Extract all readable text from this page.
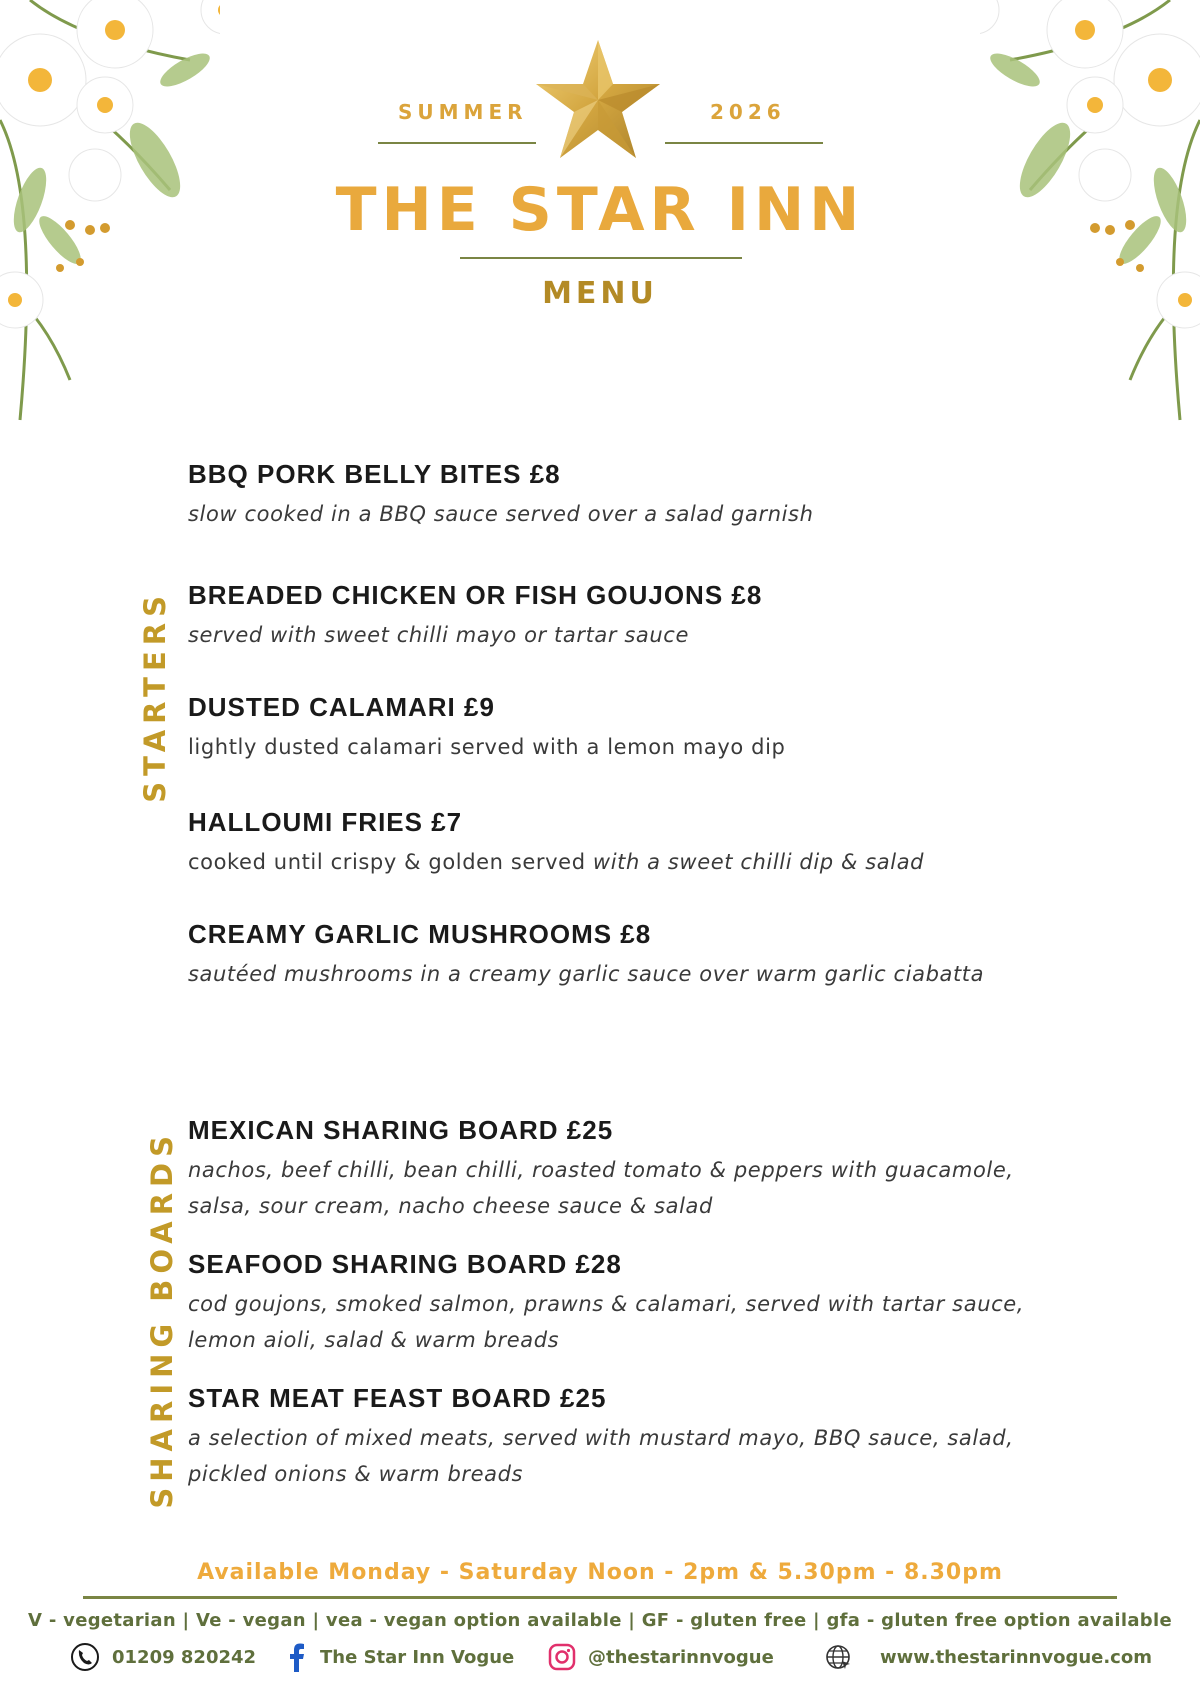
SUMMER	2026
THE STAR INN
MENU
STARTERS
SHARING BOARDS
BBQ PORK BELLY BITES £8
slow cooked in a BBQ sauce served over a salad garnish
BREADED CHICKEN OR FISH GOUJONS £8
served with sweet chilli mayo or tartar sauce
DUSTED CALAMARI £9
lightly dusted calamari served with a lemon mayo dip
HALLOUMI FRIES £7
cooked until crispy & golden served with a sweet chilli dip & salad
CREAMY GARLIC MUSHROOMS £8
sautéed mushrooms in a creamy garlic sauce over warm garlic ciabatta
MEXICAN SHARING BOARD £25
nachos, beef chilli, bean chilli, roasted tomato & peppers with guacamole,
salsa, sour cream, nacho cheese sauce & salad
SEAFOOD SHARING BOARD £28
cod goujons, smoked salmon, prawns & calamari, served with tartar sauce,
lemon aioli, salad & warm breads
STAR MEAT FEAST BOARD £25
a selection of mixed meats, served with mustard mayo, BBQ sauce, salad,
pickled onions & warm breads
Available Monday - Saturday Noon - 2pm & 5.30pm - 8.30pm
V - vegetarian | Ve - vegan | vea - vegan option available | GF - gluten free | gfa - gluten free option available
01209 820242	The Star Inn Vogue	@thestarinnvogue	www.thestarinnvogue.com
